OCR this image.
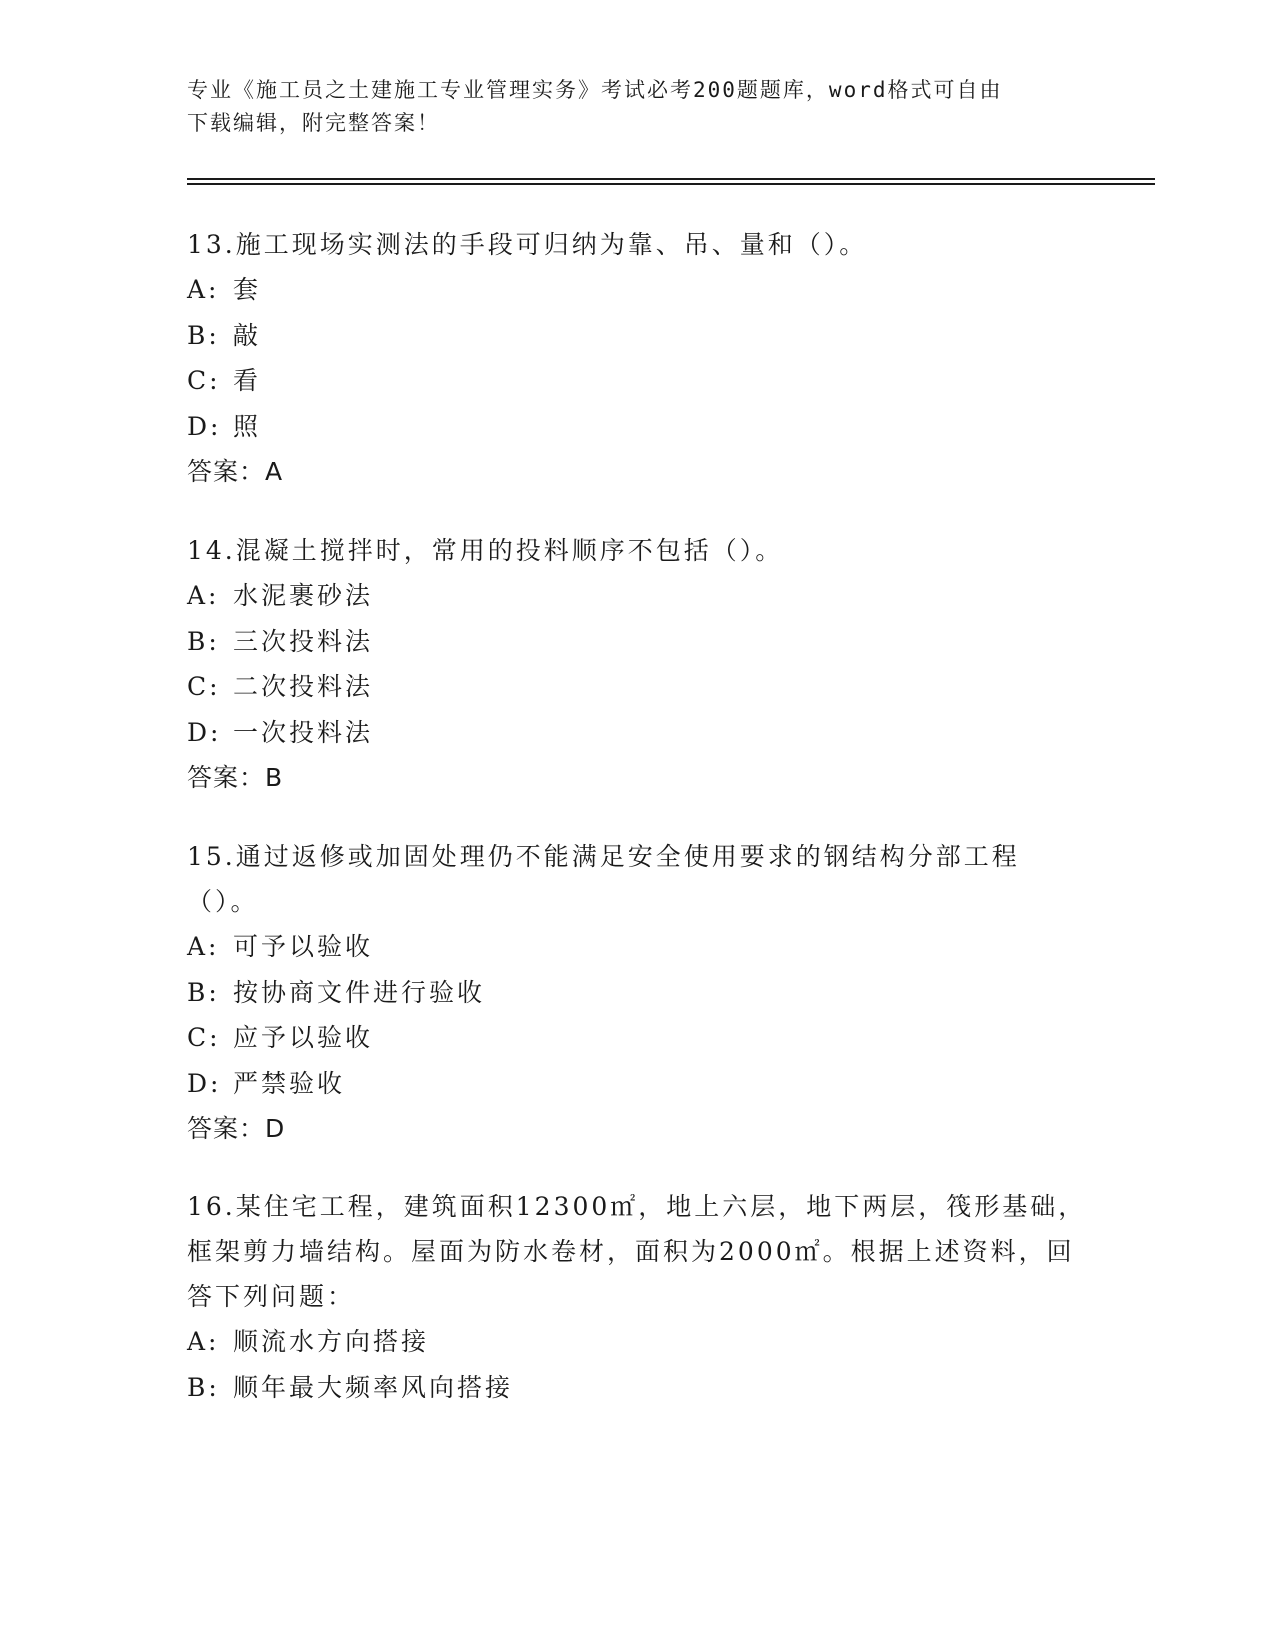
专业《施工员之土建施工专业管理实务》考试必考200题题库，word格式可自由
下载编辑，附完整答案！

13.施工现场实测法的手段可归纳为靠、吊、量和（）。

A: 套

B: 敲

C: 看

D: 照

答案：A

14.混凝土搅拌时，常用的投料顺序不包括（）。

A: 水泥裹砂法

B: 三次投料法

C: 二次投料法

D: 一次投料法

答案：B

15.通过返修或加固处理仍不能满足安全使用要求的钢结构分部工程（）。

A: 可予以验收

B: 按协商文件进行验收

C: 应予以验收

D: 严禁验收

答案：D

16.某住宅工程，建筑面积12300㎡，地上六层，地下两层，筏形基础，框架剪力墙结构。屋面为防水卷材，面积为2000㎡。根据上述资料，回答下列问题：

A: 顺流水方向搭接

B: 顺年最大频率风向搭接
